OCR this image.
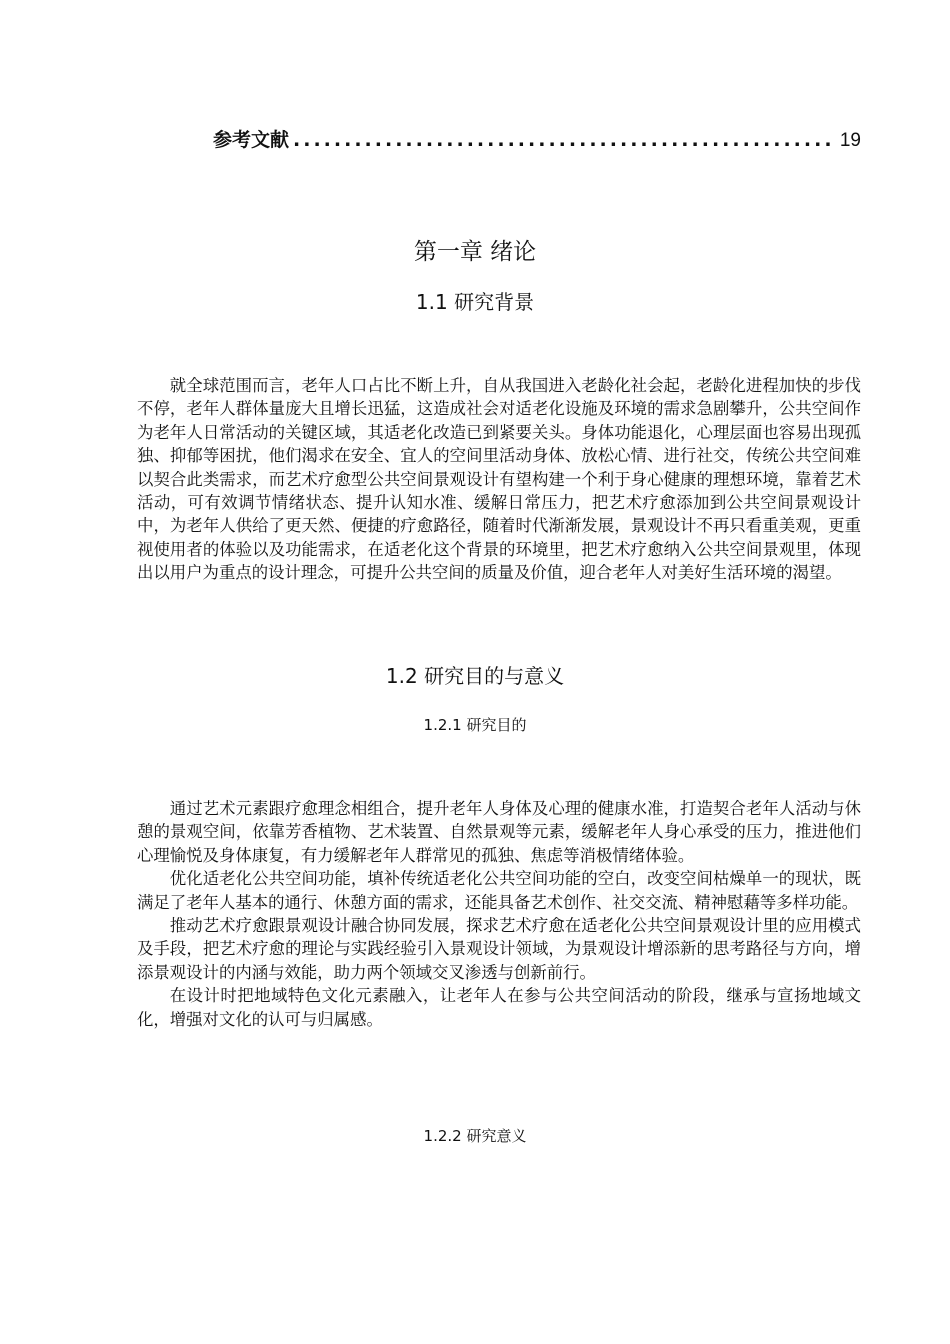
参考文献
.....	19
第一章 绪论
1.1 研究背景

就全球范围而言，老年人口占比不断上升，自从我国进入老龄化社会起，老龄化进程加快的步伐不停，老年人群体量庞大且增长迅猛，这造成社会对适老化设施及环境的需求急剧攀升，公共空间作为老年人日常活动的关键区域，其适老化改造已到紧要关头。身体功能退化，心理层面也容易出现孤独、抑郁等困扰，他们渴求在安全、宜人的空间里活动身体、放松心情、进行社交，传统公共空间难以契合此类需求，而艺术疗愈型公共空间景观设计有望构建一个利于身心健康的理想环境，靠着艺术活动，可有效调节情绪状态、提升认知水准、缓解日常压力，把艺术疗愈添加到公共空间景观设计中，为老年人供给了更天然、便捷的疗愈路径，随着时代渐渐发展，景观设计不再只看重美观，更重视使用者的体验以及功能需求，在适老化这个背景的环境里，把艺术疗愈纳入公共空间景观里，体现出以用户为重点的设计理念，可提升公共空间的质量及价值，迎合老年人对美好生活环境的渴望。

1.2 研究目的与意义
1.2.1 研究目的

通过艺术元素跟疗愈理念相组合，提升老年人身体及心理的健康水准，打造契合老年人活动与休憩的景观空间，依靠芳香植物、艺术装置、自然景观等元素，缓解老年人身心承受的压力，推进他们心理愉悦及身体康复，有力缓解老年人群常见的孤独、焦虑等消极情绪体验。

优化适老化公共空间功能，填补传统适老化公共空间功能的空白，改变空间枯燥单一的现状，既满足了老年人基本的通行、休憩方面的需求，还能具备艺术创作、社交交流、精神慰藉等多样功能。

推动艺术疗愈跟景观设计融合协同发展，探求艺术疗愈在适老化公共空间景观设计里的应用模式及手段，把艺术疗愈的理论与实践经验引入景观设计领域，为景观设计增添新的思考路径与方向，增添景观设计的内涵与效能，助力两个领域交叉渗透与创新前行。

在设计时把地域特色文化元素融入，让老年人在参与公共空间活动的阶段，继承与宣扬地域文化，增强对文化的认可与归属感。

1.2.2 研究意义
